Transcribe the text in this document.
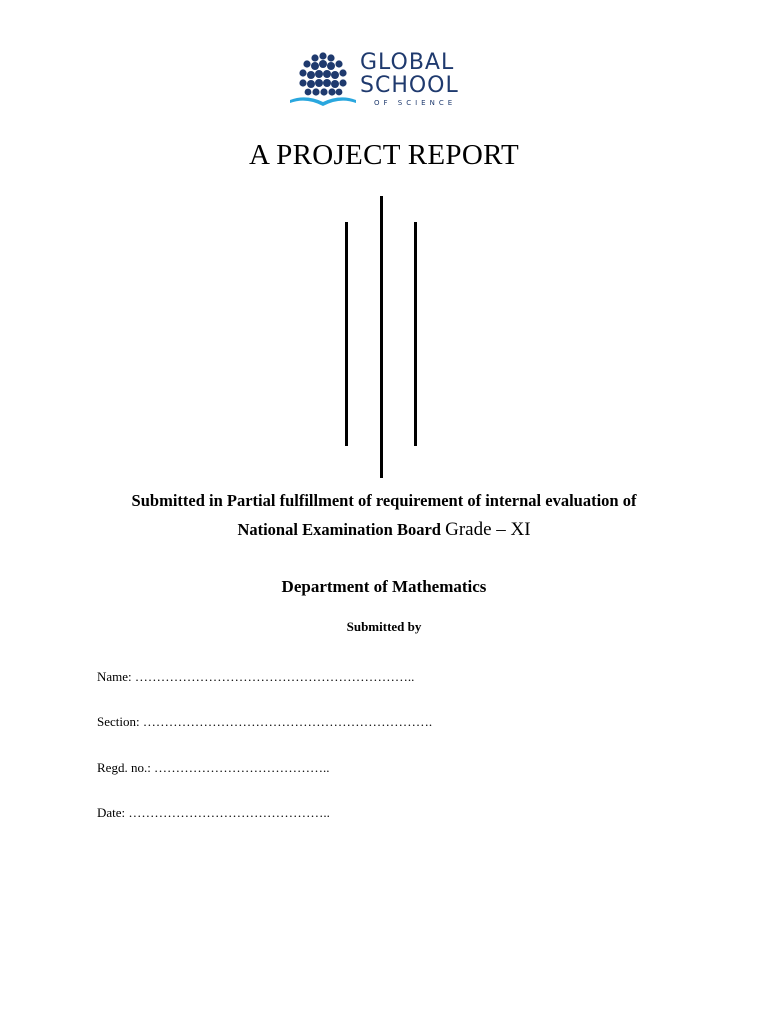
GLOBAL
SCHOOL
OF SCIENCE
A PROJECT REPORT
Submitted in Partial fulfillment of requirement of internal evaluation of
National Examination Board Grade – XI
Department of Mathematics
Submitted by
Name: ………………………………………………………..
Section: ………………………………………………………….
Regd. no.: …………………………………..
Date: ………………………………………..
